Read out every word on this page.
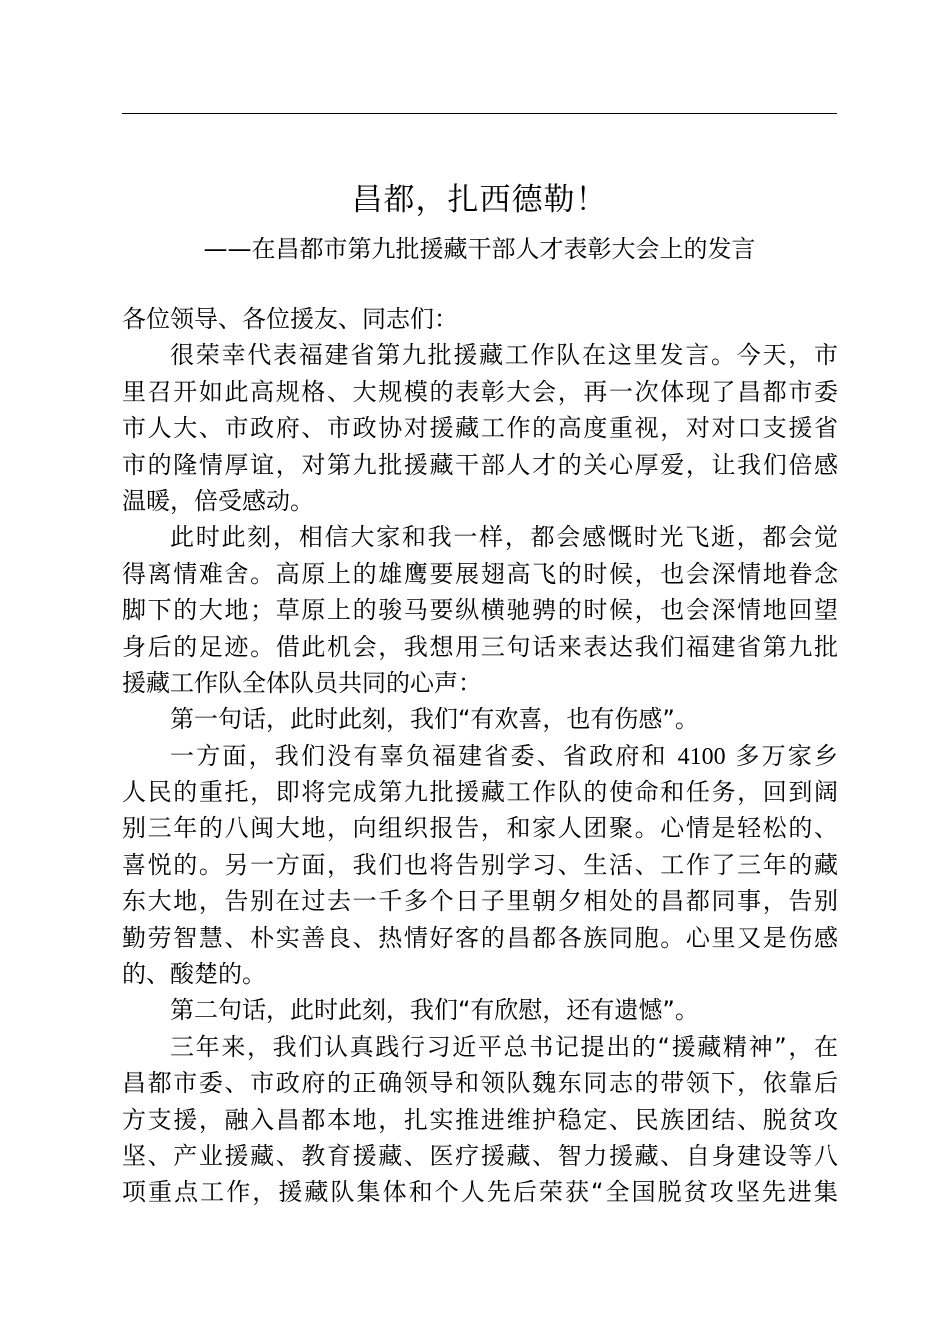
昌都，扎西德勒！
——在昌都市第九批援藏干部人才表彰大会上的发言
各位领导、各位援友、同志们：
很荣幸代表福建省第九批援藏工作队在这里发言。今天，市
里召开如此高规格、大规模的表彰大会，再一次体现了昌都市委
市人大、市政府、市政协对援藏工作的高度重视，对对口支援省
市的隆情厚谊，对第九批援藏干部人才的关心厚爱，让我们倍感
温暖，倍受感动。
此时此刻，相信大家和我一样，都会感慨时光飞逝，都会觉
得离情难舍。高原上的雄鹰要展翅高飞的时候，也会深情地眷念
脚下的大地；草原上的骏马要纵横驰骋的时候，也会深情地回望
身后的足迹。借此机会，我想用三句话来表达我们福建省第九批
援藏工作队全体队员共同的心声：
第一句话，此时此刻，我们“有欢喜，也有伤感”。
一方面，我们没有辜负福建省委、省政府和 4100 多万家乡
人民的重托，即将完成第九批援藏工作队的使命和任务，回到阔
别三年的八闽大地，向组织报告，和家人团聚。心情是轻松的、
喜悦的。另一方面，我们也将告别学习、生活、工作了三年的藏
东大地，告别在过去一千多个日子里朝夕相处的昌都同事，告别
勤劳智慧、朴实善良、热情好客的昌都各族同胞。心里又是伤感
的、酸楚的。
第二句话，此时此刻，我们“有欣慰，还有遗憾”。
三年来，我们认真践行习近平总书记提出的“援藏精神”，在
昌都市委、市政府的正确领导和领队魏东同志的带领下，依靠后
方支援，融入昌都本地，扎实推进维护稳定、民族团结、脱贫攻
坚、产业援藏、教育援藏、医疗援藏、智力援藏、自身建设等八
项重点工作，援藏队集体和个人先后荣获“全国脱贫攻坚先进集
